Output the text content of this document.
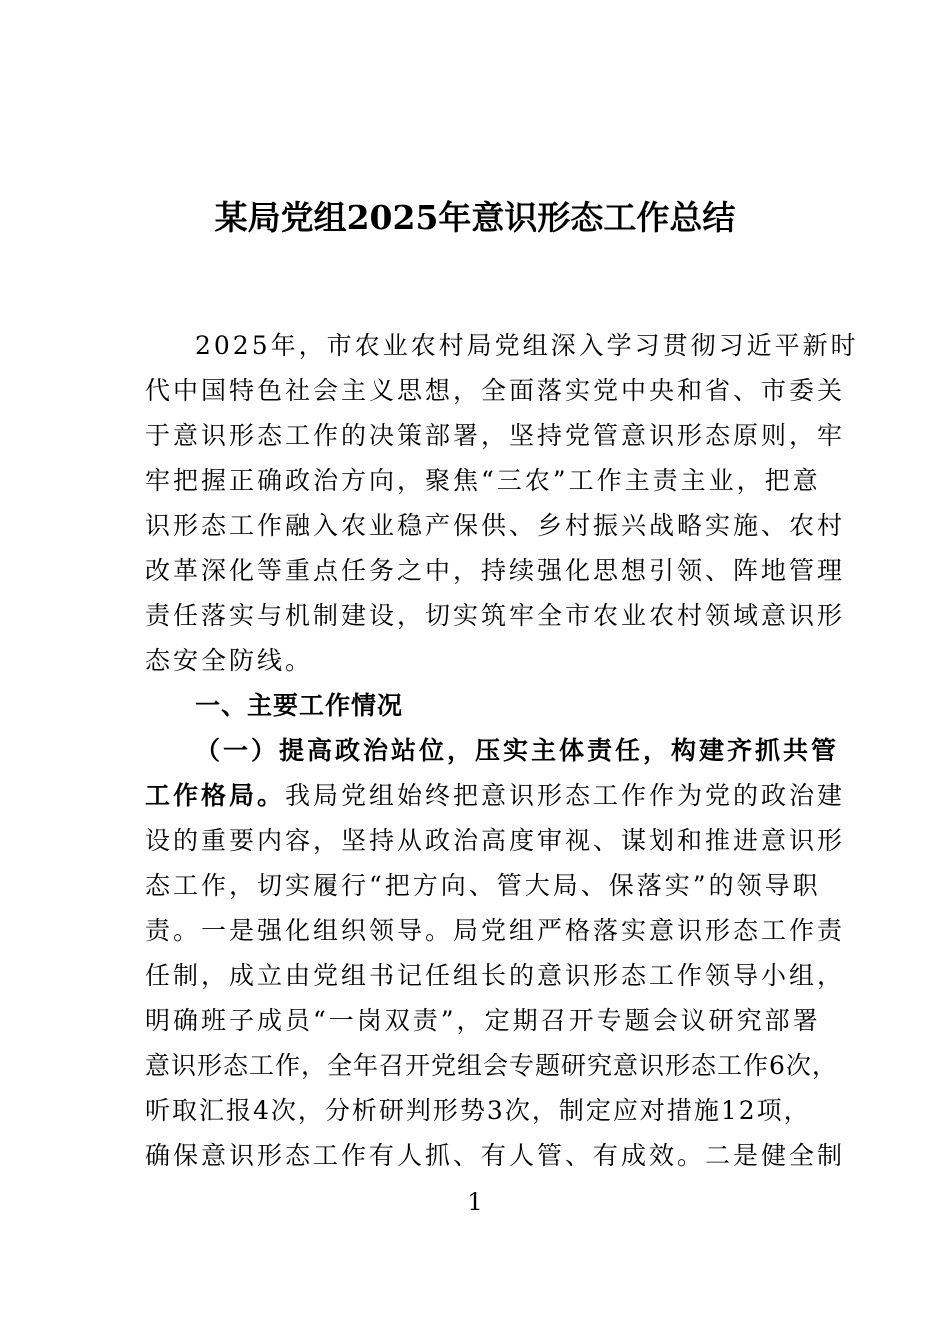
某局党组2025年意识形态工作总结
2025年，市农业农村局党组深入学习贯彻习近平新时
代中国特色社会主义思想，全面落实党中央和省、市委关
于意识形态工作的决策部署，坚持党管意识形态原则，牢
牢把握正确政治方向，聚焦“三农”工作主责主业，把意
识形态工作融入农业稳产保供、乡村振兴战略实施、农村
改革深化等重点任务之中，持续强化思想引领、阵地管理
责任落实与机制建设，切实筑牢全市农业农村领域意识形
态安全防线。
一、主要工作情况
（一）提高政治站位，压实主体责任，构建齐抓共管
工作格局。我局党组始终把意识形态工作作为党的政治建
设的重要内容，坚持从政治高度审视、谋划和推进意识形
态工作，切实履行“把方向、管大局、保落实”的领导职
责。一是强化组织领导。局党组严格落实意识形态工作责
任制，成立由党组书记任组长的意识形态工作领导小组，
明确班子成员“一岗双责”，定期召开专题会议研究部署
意识形态工作，全年召开党组会专题研究意识形态工作6次，
听取汇报4次，分析研判形势3次，制定应对措施12项，
确保意识形态工作有人抓、有人管、有成效。二是健全制
1
